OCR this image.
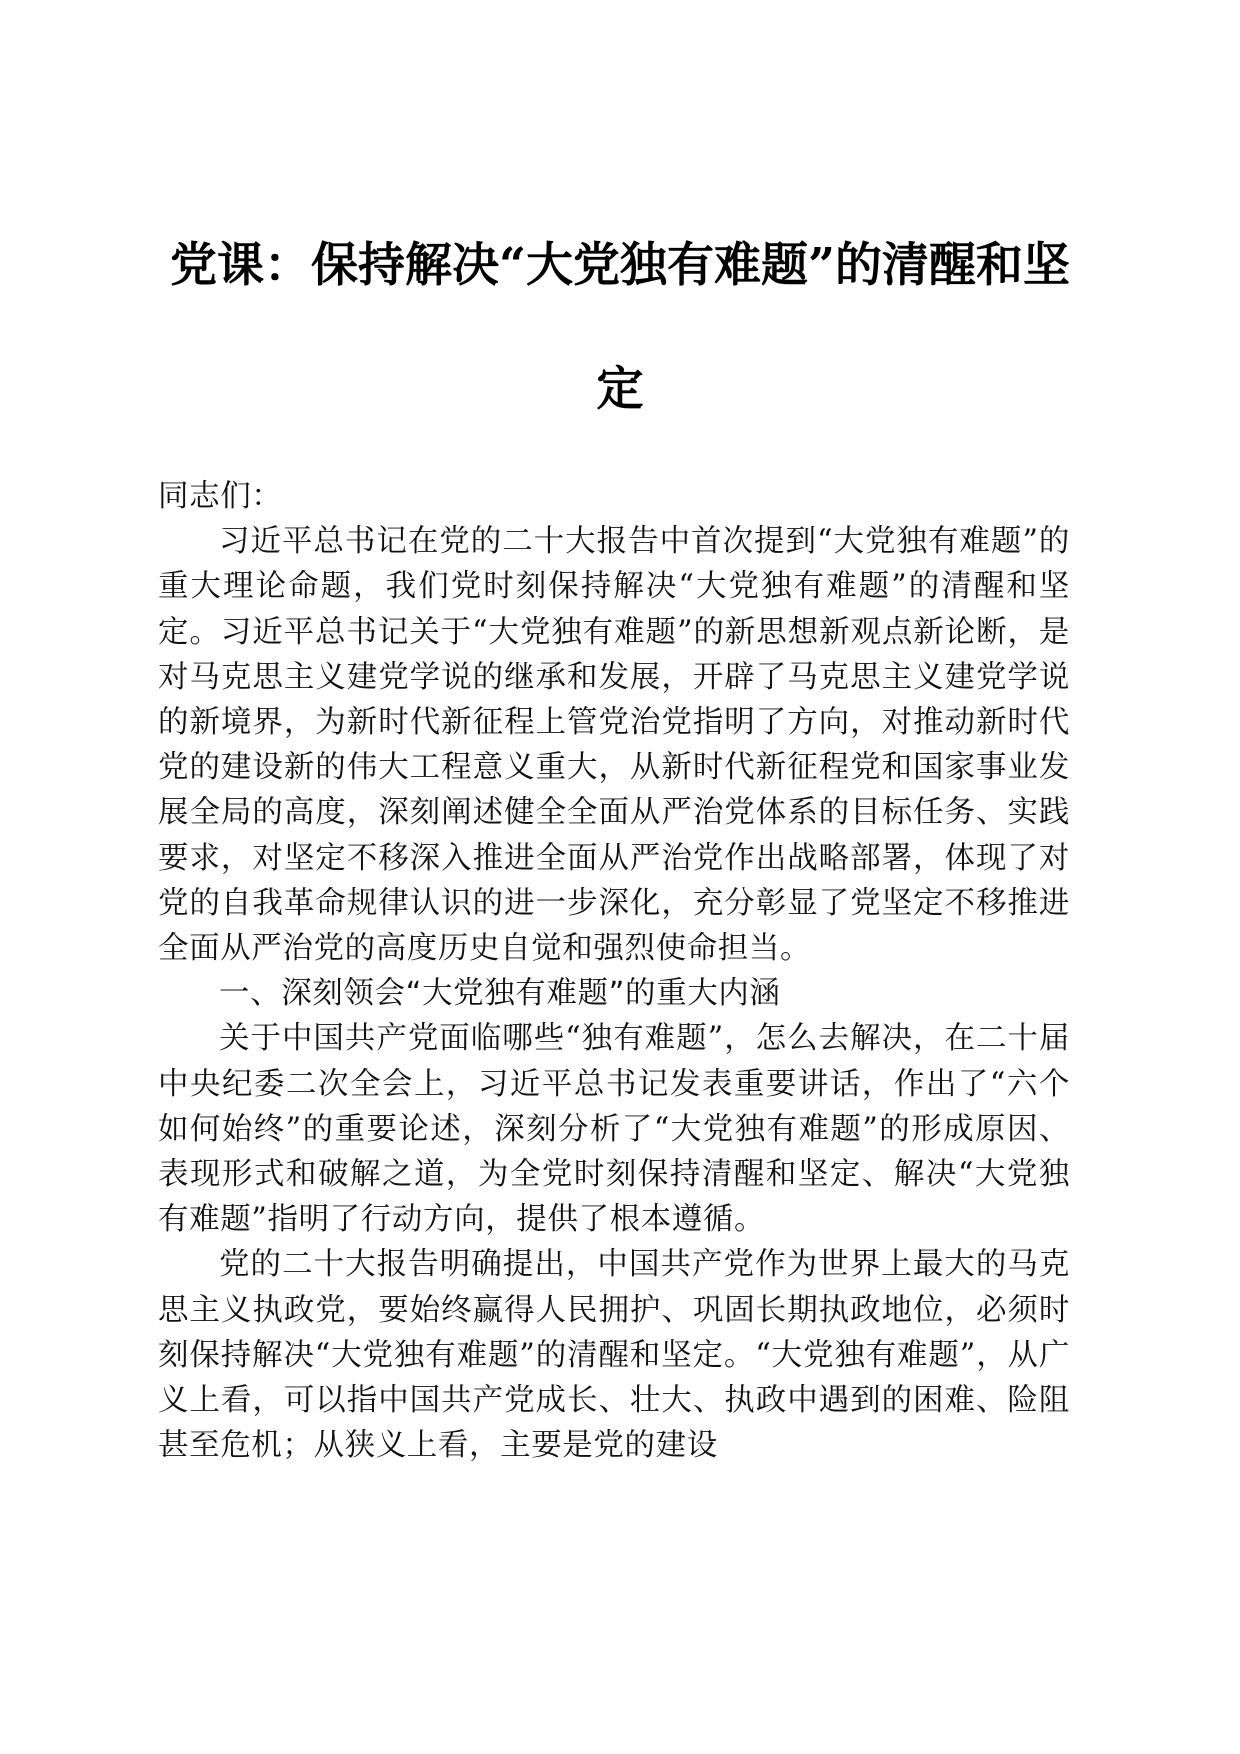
党课：保持解决“大党独有难题”的清醒和坚
定

同志们：

习近平总书记在党的二十大报告中首次提到“大党独有难题”的重大理论命题，我们党时刻保持解决“大党独有难题”的清醒和坚定。习近平总书记关于“大党独有难题”的新思想新观点新论断，是对马克思主义建党学说的继承和发展，开辟了马克思主义建党学说的新境界，为新时代新征程上管党治党指明了方向，对推动新时代党的建设新的伟大工程意义重大，从新时代新征程党和国家事业发展全局的高度，深刻阐述健全全面从严治党体系的目标任务、实践要求，对坚定不移深入推进全面从严治党作出战略部署，体现了对党的自我革命规律认识的进一步深化，充分彰显了党坚定不移推进全面从严治党的高度历史自觉和强烈使命担当。

一、深刻领会“大党独有难题”的重大内涵

关于中国共产党面临哪些“独有难题”，怎么去解决，在二十届中央纪委二次全会上，习近平总书记发表重要讲话，作出了“六个如何始终”的重要论述，深刻分析了“大党独有难题”的形成原因、表现形式和破解之道，为全党时刻保持清醒和坚定、解决“大党独有难题”指明了行动方向，提供了根本遵循。

党的二十大报告明确提出，中国共产党作为世界上最大的马克思主义执政党，要始终赢得人民拥护、巩固长期执政地位，必须时刻保持解决“大党独有难题”的清醒和坚定。“大党独有难题”，从广义上看，可以指中国共产党成长、壮大、执政中遇到的困难、险阻甚至危机；从狭义上看，主要是党的建设
